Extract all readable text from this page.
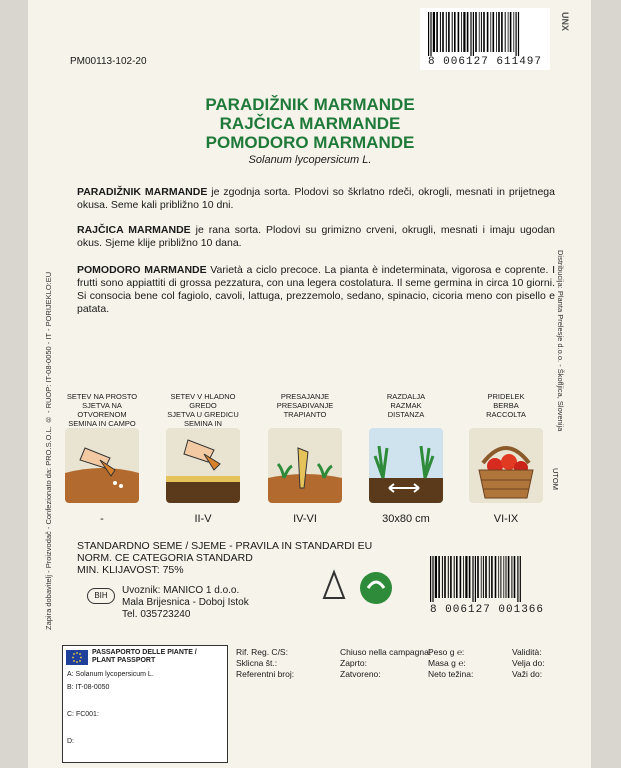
Zapira dobavitelj - Proizvodač - Confezionato da: PRO.S.O.L. ® - RUOP: IT-08-0050 - IT - PORIJEKLO:EU	Distribucija: Planta Prelesje d.o.o. - Škofljica, Slovenija
UNX
UTOM
8 006127 611497
PM00113-102-20
PARADIŽNIK MARMANDE
RAJČICA MARMANDE
POMODORO MARMANDE
Solanum lycopersicum L.
PARADIŽNIK MARMANDE je zgodnja sorta. Plodovi so škrlatno rdeči, okrogli, mesnati in prijetnega okusa. Seme kali približno 10 dni.
RAJČICA MARMANDE je rana sorta. Plodovi su grimizno crveni, okrugli, mesnati i imaju ugodan okus. Sjeme klije približno 10 dana.
POMODORO MARMANDE Varietà a ciclo precoce. La pianta è indeterminata, vigorosa e coprente. I frutti sono appiattiti di grossa pezzatura, con una legera costolatura. Il seme germina in circa 10 giorni. Si consocia bene col fagiolo, cavoli, lattuga, prezzemolo, sedano, spinacio, cicoria meno con pisello e patata.
SETEV NA PROSTO
SJETVA NA OTVORENOM
SEMINA IN CAMPO
-
SETEV V HLADNO GREDO
SJETVA U GREDICU
SEMINA IN
II-V
PRESAJANJE
PRESAĐIVANJE
TRAPIANTO
IV-VI
RAZDALJA
RAZMAK
DISTANZA
30x80 cm
PRIDELEK
BERBA
RACCOLTA
VI-IX
STANDARDNO SEME / SJEME - PRAVILA IN STANDARDI EU
NORM. CE CATEGORIA STANDARD
MIN. KLIJAVOST: 75%
BIH	Uvoznik: MANICO 1 d.o.o.
Mala Brijesnica - Doboj Istok
Tel. 035723240	8 006127 001366
PASSAPORTO DELLE PIANTE /
PLANT PASSPORT
A: Solanum lycopersicum L.
B: IT-08-0050
C: FC001:
D:
Rif. Reg. C/S:
Sklicna št.:
Referentni broj:
Chiuso nella campagna:
Zaprto:
Zatvoreno:
Peso g ℮:
Masa g ℮:
Neto težina:
Validità:
Velja do:
Važi do:
